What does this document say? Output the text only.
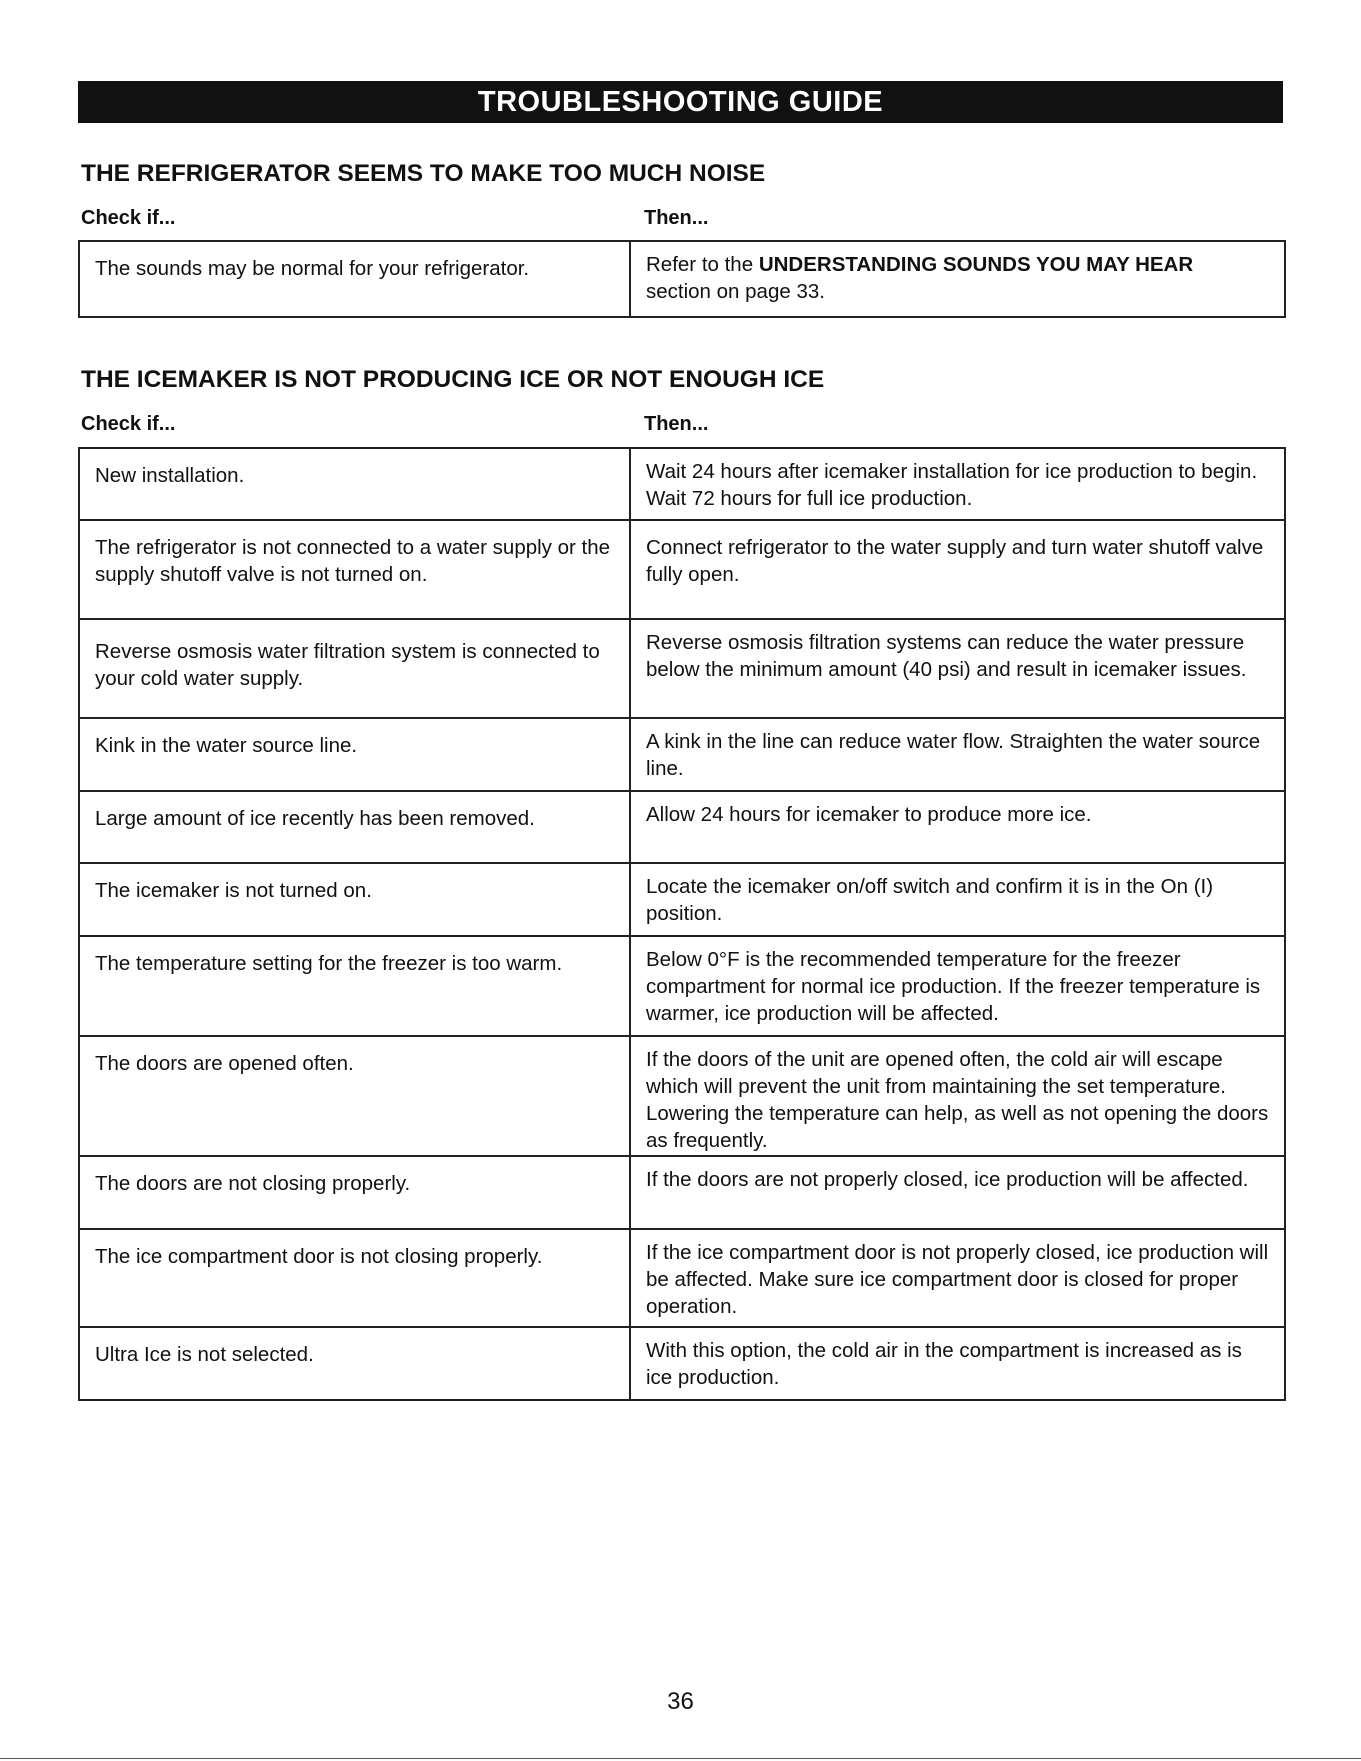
TROUBLESHOOTING GUIDE
THE REFRIGERATOR SEEMS TO MAKE TOO MUCH NOISE
Check if...	Then...
The sounds may be normal for your refrigerator.	Refer to the UNDERSTANDING SOUNDS YOU MAY HEAR
section on page 33.
THE ICEMAKER IS NOT PRODUCING ICE OR NOT ENOUGH ICE
Check if...	Then...
New installation.	Wait 24 hours after icemaker installation for ice production to begin. Wait 72 hours for full ice production.
The refrigerator is not connected to a water supply or the supply shutoff valve is not turned on.	Connect refrigerator to the water supply and turn water shutoff valve fully open.
Reverse osmosis water filtration system is connected to your cold water supply.	Reverse osmosis filtration systems can reduce the water pressure below the minimum amount (40 psi) and result in icemaker issues.
Kink in the water source line.	A kink in the line can reduce water flow. Straighten the water source line.
Large amount of ice recently has been removed.	Allow 24 hours for icemaker to produce more ice.
The icemaker is not turned on.	Locate the icemaker on/off switch and confirm it is in the On (I) position.
The temperature setting for the freezer is too warm.	Below 0°F is the recommended temperature for the freezer compartment for normal ice production. If the freezer temperature is warmer, ice production will be affected.
The doors are opened often.	If the doors of the unit are opened often, the cold air will escape which will prevent the unit from maintaining the set temperature. Lowering the temperature can help, as well as not opening the doors as frequently.
The doors are not closing properly.	If the doors are not properly closed, ice production will be affected.
The ice compartment door is not closing properly.	If the ice compartment door is not properly closed, ice production will be affected. Make sure ice compartment door is closed for proper operation.
Ultra Ice is not selected.	With this option, the cold air in the compartment is increased as is ice production.
36
